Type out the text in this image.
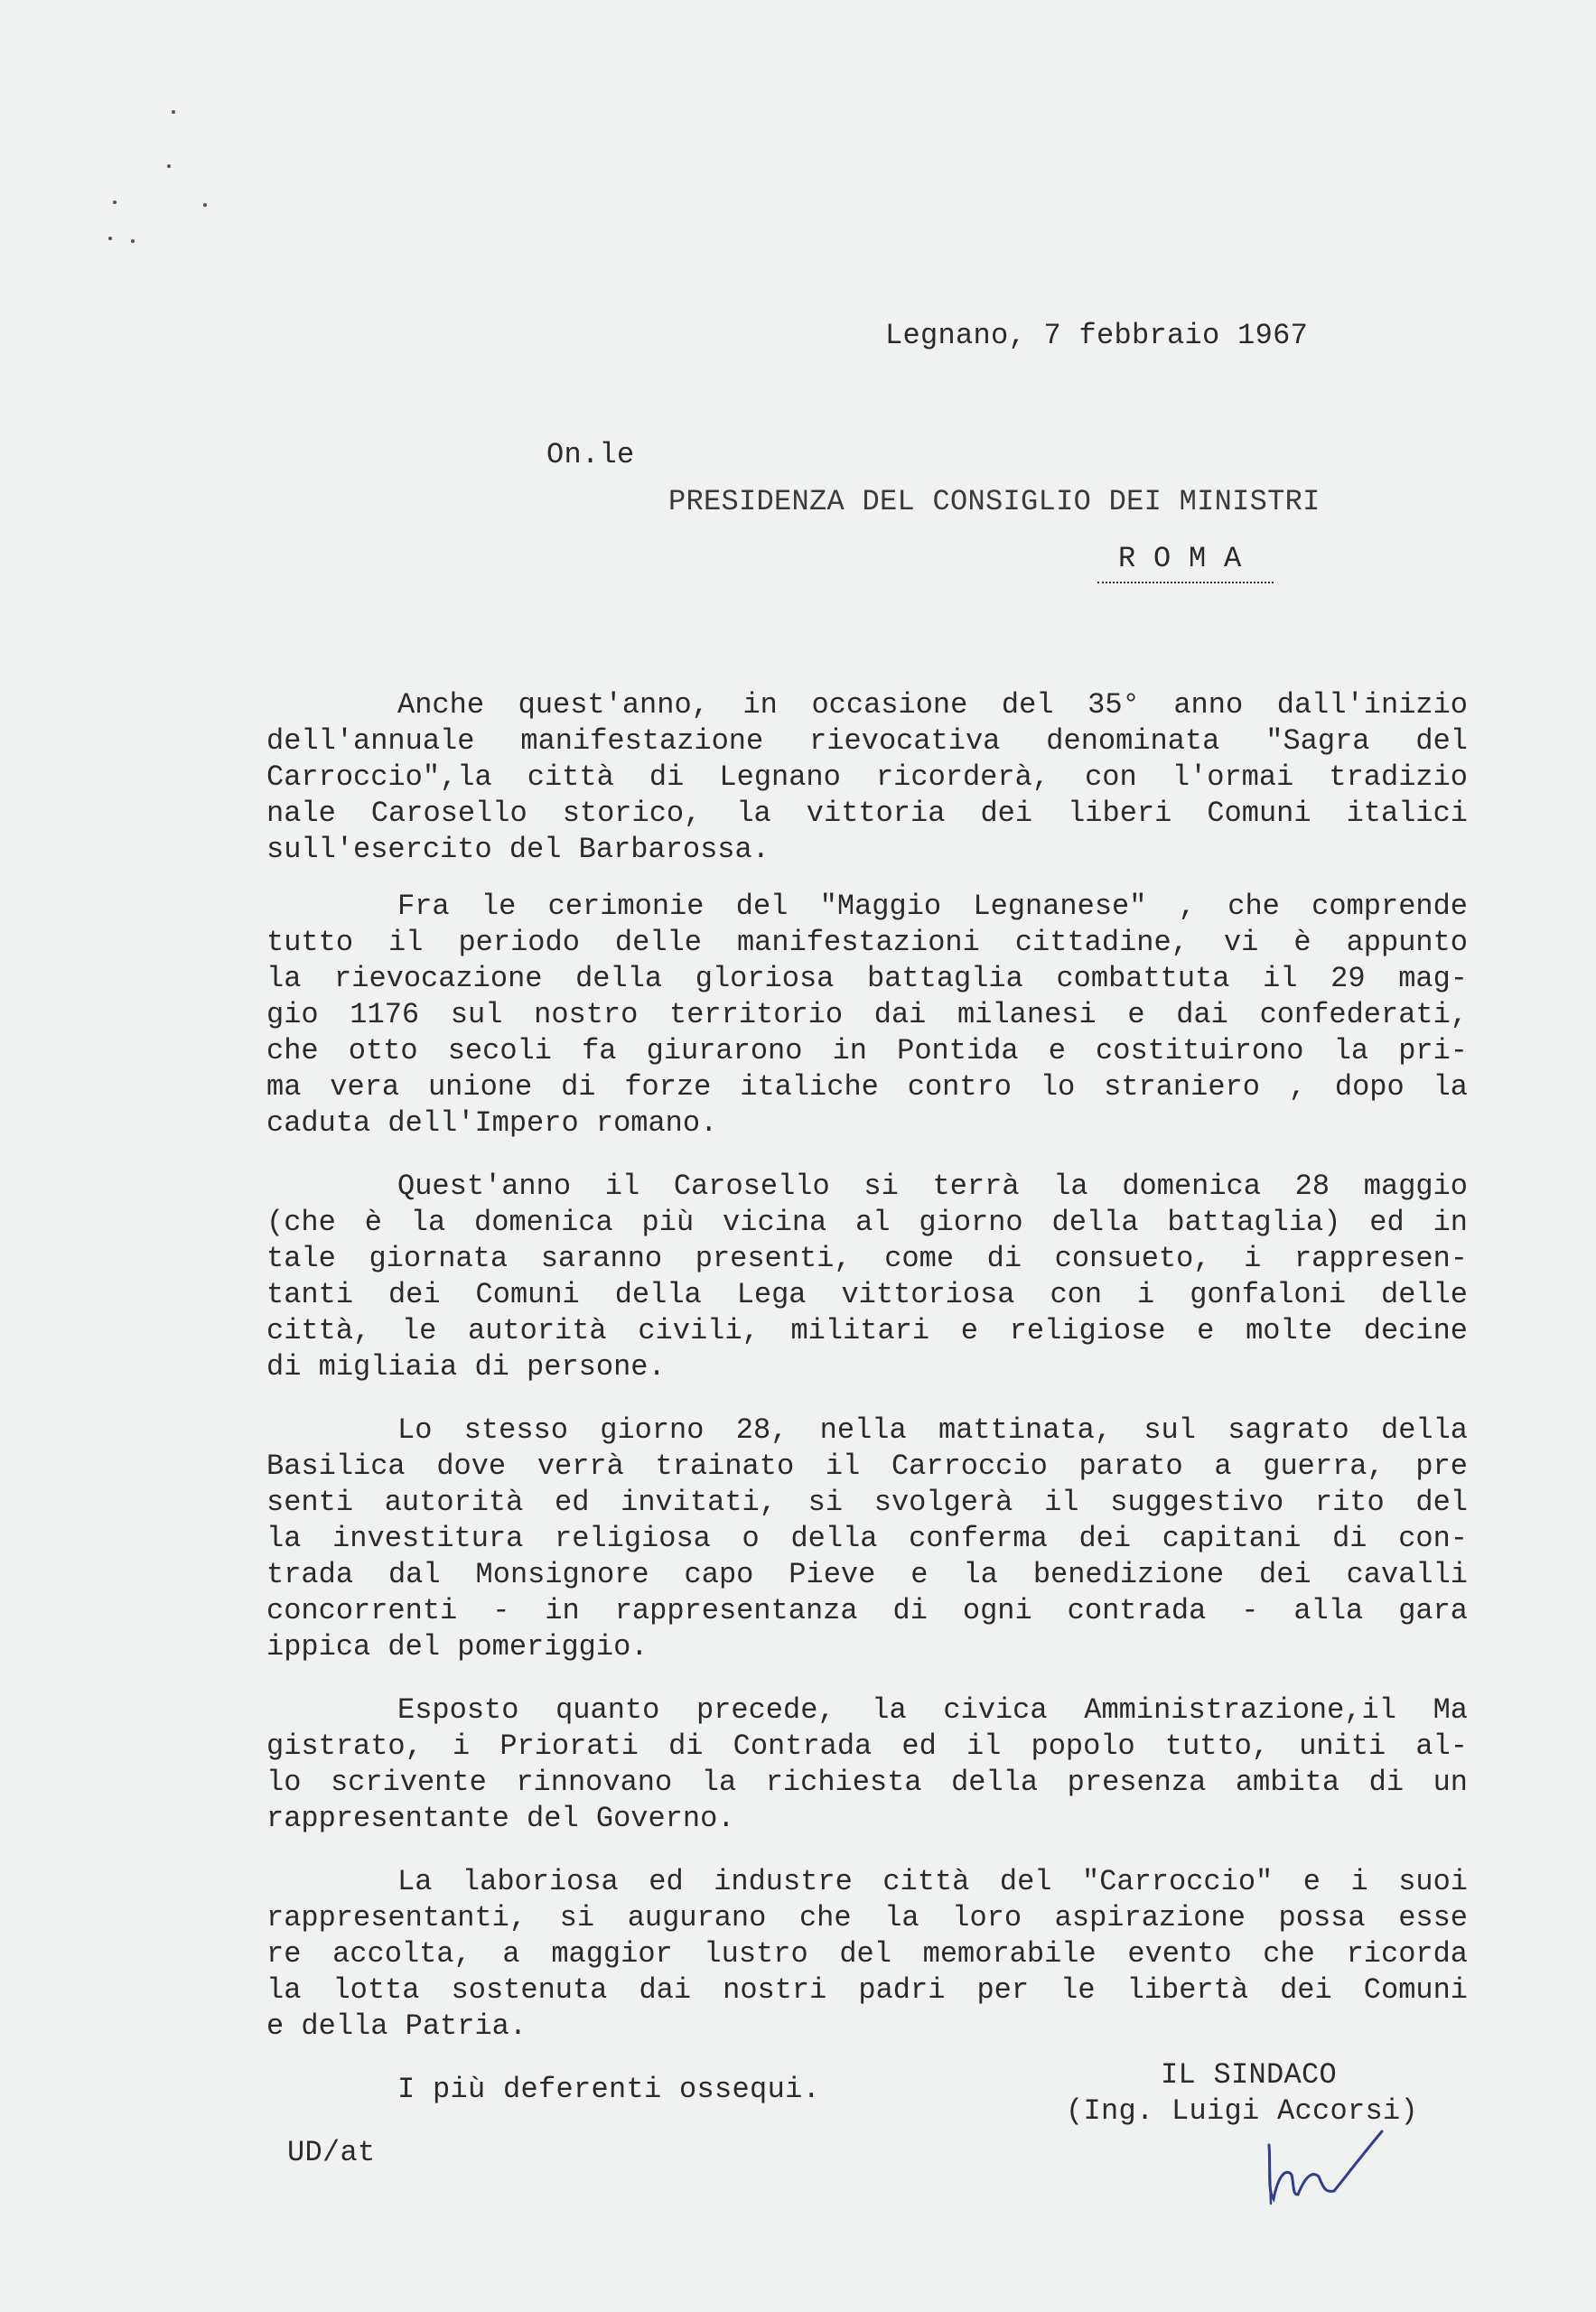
Legnano, 7 febbraio 1967
On.le
PRESIDENZA DEL CONSIGLIO DEI MINISTRI
R O M A
Anche quest'anno, in occasione del 35° anno dall'inizio
dell'annuale manifestazione rievocativa denominata "Sagra del
Carroccio",la città di Legnano ricorderà, con l'ormai tradizio
nale Carosello storico, la vittoria dei liberi Comuni italici
sull'esercito del Barbarossa.
Fra le cerimonie del "Maggio Legnanese" , che comprende
tutto il periodo delle manifestazioni cittadine, vi è appunto
la rievocazione della gloriosa battaglia combattuta il 29 mag-
gio 1176 sul nostro territorio dai milanesi e dai confederati,
che otto secoli fa giurarono in Pontida e costituirono la pri-
ma vera unione di forze italiche contro lo straniero , dopo la
caduta dell'Impero romano.
Quest'anno il Carosello si terrà la domenica 28 maggio
(che è la domenica più vicina al giorno della battaglia) ed in
tale giornata saranno presenti, come di consueto, i rappresen-
tanti dei Comuni della Lega vittoriosa con i gonfaloni delle
città, le autorità civili, militari e religiose e molte decine
di migliaia di persone.
Lo stesso giorno 28, nella mattinata, sul sagrato della
Basilica dove verrà trainato il Carroccio parato a guerra, pre
senti autorità ed invitati, si svolgerà il suggestivo rito del
la investitura religiosa o della conferma dei capitani di con-
trada dal Monsignore capo Pieve e la benedizione dei cavalli
concorrenti - in rappresentanza di ogni contrada - alla gara
ippica del pomeriggio.
Esposto quanto precede, la civica Amministrazione,il Ma
gistrato, i Priorati di Contrada ed il popolo tutto, uniti al-
lo scrivente rinnovano la richiesta della presenza ambita di un
rappresentante del Governo.
La laboriosa ed industre città del "Carroccio" e i suoi
rappresentanti, si augurano che la loro aspirazione possa esse
re accolta, a maggior lustro del memorabile evento che ricorda
la lotta sostenuta dai nostri padri per le libertà dei Comuni
e della Patria.
I più deferenti ossequi.	IL SINDACO
(Ing. Luigi Accorsi)
UD/at
